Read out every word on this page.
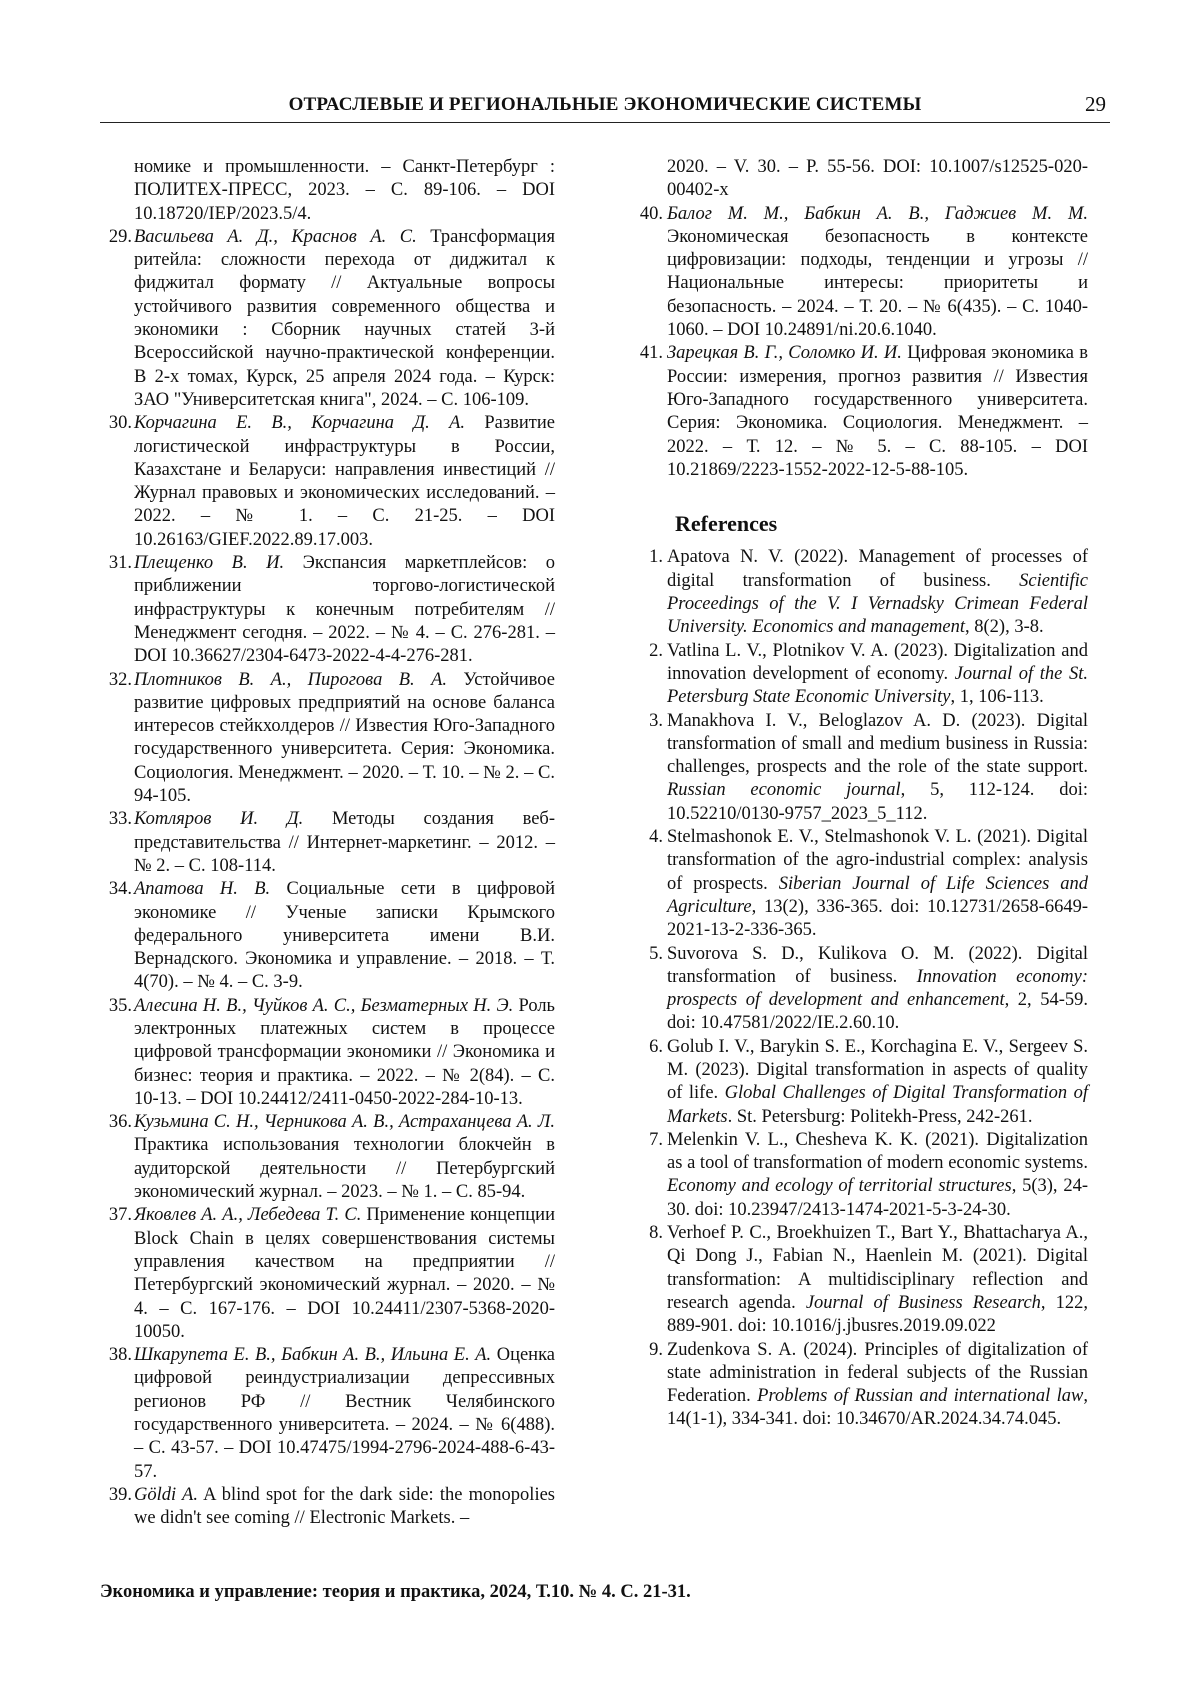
ОТРАСЛЕВЫЕ И РЕГИОНАЛЬНЫЕ ЭКОНОМИЧЕСКИЕ СИСТЕМЫ	29

номике и промышленности. – Санкт-Петербург : ПОЛИТЕХ-ПРЕСС, 2023. – С. 89-106. – DOI 10.18720/IEP/2023.5/4.

29. Васильева А. Д., Краснов А. С. Трансформация ритейла: сложности перехода от диджитал к фиджитал формату // Актуальные вопросы устойчивого развития современного общества и экономики : Сборник научных статей 3-й Всероссийской научно-практической конференции. В 2-х томах, Курск, 25 апреля 2024 года. – Курск: ЗАО "Университетская книга", 2024. – С. 106-109.

30. Корчагина Е. В., Корчагина Д. А. Развитие логистической инфраструктуры в России, Казахстане и Беларуси: направления инвестиций // Журнал правовых и экономических исследований. – 2022. – № 1. – С. 21-25. – DOI 10.26163/GIEF.2022.89.17.003.

31. Плещенко В. И. Экспансия маркетплейсов: о приближении торгово-логистической инфраструктуры к конечным потребителям // Менеджмент сегодня. – 2022. – № 4. – С. 276-281. – DOI 10.36627/2304-6473-2022-4-4-276-281.

32. Плотников В. А., Пирогова В. А. Устойчивое развитие цифровых предприятий на основе баланса интересов стейкхолдеров // Известия Юго-Западного государственного университета. Серия: Экономика. Социология. Менеджмент. – 2020. – Т. 10. – № 2. – С. 94-105.

33. Котляров И. Д. Методы создания веб-представительства // Интернет-маркетинг. – 2012. – № 2. – С. 108-114.

34. Апатова Н. В. Социальные сети в цифровой экономике // Ученые записки Крымского федерального университета имени В.И. Вернадского. Экономика и управление. – 2018. – Т. 4(70). – № 4. – С. 3-9.

35. Алесина Н. В., Чуйков А. С., Безматерных Н. Э. Роль электронных платежных систем в процессе цифровой трансформации экономики // Экономика и бизнес: теория и практика. – 2022. – № 2(84). – С. 10-13. – DOI 10.24412/2411-0450-2022-284-10-13.

36. Кузьмина С. Н., Черникова А. В., Астраханцева А. Л. Практика использования технологии блокчейн в аудиторской деятельности // Петербургский экономический журнал. – 2023. – № 1. – С. 85-94.

37. Яковлев А. А., Лебедева Т. С. Применение концепции Block Chain в целях совершенствования системы управления качеством на предприятии // Петербургский экономический журнал. – 2020. – № 4. – С. 167-176. – DOI 10.24411/2307-5368-2020-10050.

38. Шкарупета Е. В., Бабкин А. В., Ильина Е. А. Оценка цифровой реиндустриализации депрессивных регионов РФ // Вестник Челябинского государственного университета. – 2024. – № 6(488). – С. 43-57. – DOI 10.47475/1994-2796-2024-488-6-43-57.

39. Göldi A. A blind spot for the dark side: the monopolies we didn't see coming // Electronic Markets. –

2020. – V. 30. – P. 55-56. DOI: 10.1007/s12525-020-00402-x

40. Балог М. М., Бабкин А. В., Гаджиев М. М. Экономическая безопасность в контексте цифровизации: подходы, тенденции и угрозы // Национальные интересы: приоритеты и безопасность. – 2024. – Т. 20. – № 6(435). – С. 1040-1060. – DOI 10.24891/ni.20.6.1040.

41. Зарецкая В. Г., Соломко И. И. Цифровая экономика в России: измерения, прогноз развития // Известия Юго-Западного государственного университета. Серия: Экономика. Социология. Менеджмент. – 2022. – Т. 12. – № 5. – С. 88-105. – DOI 10.21869/2223-1552-2022-12-5-88-105.

References

1. Apatova N. V. (2022). Management of processes of digital transformation of business. Scientific Proceedings of the V. I Vernadsky Crimean Federal University. Economics and management, 8(2), 3-8.

2. Vatlina L. V., Plotnikov V. A. (2023). Digitalization and innovation development of economy. Journal of the St. Petersburg State Economic University, 1, 106-113.

3. Manakhova I. V., Beloglazov A. D. (2023). Digital transformation of small and medium business in Russia: challenges, prospects and the role of the state support. Russian economic journal, 5, 112-124. doi: 10.52210/0130-9757_2023_5_112.

4. Stelmashonok E. V., Stelmashonok V. L. (2021). Digital transformation of the agro-industrial complex: analysis of prospects. Siberian Journal of Life Sciences and Agriculture, 13(2), 336-365. doi: 10.12731/2658-6649-2021-13-2-336-365.

5. Suvorova S. D., Kulikova O. M. (2022). Digital transformation of business. Innovation economy: prospects of development and enhancement, 2, 54-59. doi: 10.47581/2022/IE.2.60.10.

6. Golub I. V., Barykin S. E., Korchagina E. V., Sergeev S. M. (2023). Digital transformation in aspects of quality of life. Global Challenges of Digital Transformation of Markets. St. Petersburg: Politekh-Press, 242-261.

7. Melenkin V. L., Chesheva K. K. (2021). Digitalization as a tool of transformation of modern economic systems. Economy and ecology of territorial structures, 5(3), 24-30. doi: 10.23947/2413-1474-2021-5-3-24-30.

8. Verhoef P. C., Broekhuizen T., Bart Y., Bhattacharya A., Qi Dong J., Fabian N., Haenlein M. (2021). Digital transformation: A multidisciplinary reflection and research agenda. Journal of Business Research, 122, 889-901. doi: 10.1016/j.jbusres.2019.09.022

9. Zudenkova S. A. (2024). Principles of digitalization of state administration in federal subjects of the Russian Federation. Problems of Russian and international law, 14(1-1), 334-341. doi: 10.34670/AR.2024.34.74.045.

Экономика и управление: теория и практика, 2024, Т.10. № 4. С. 21-31.
